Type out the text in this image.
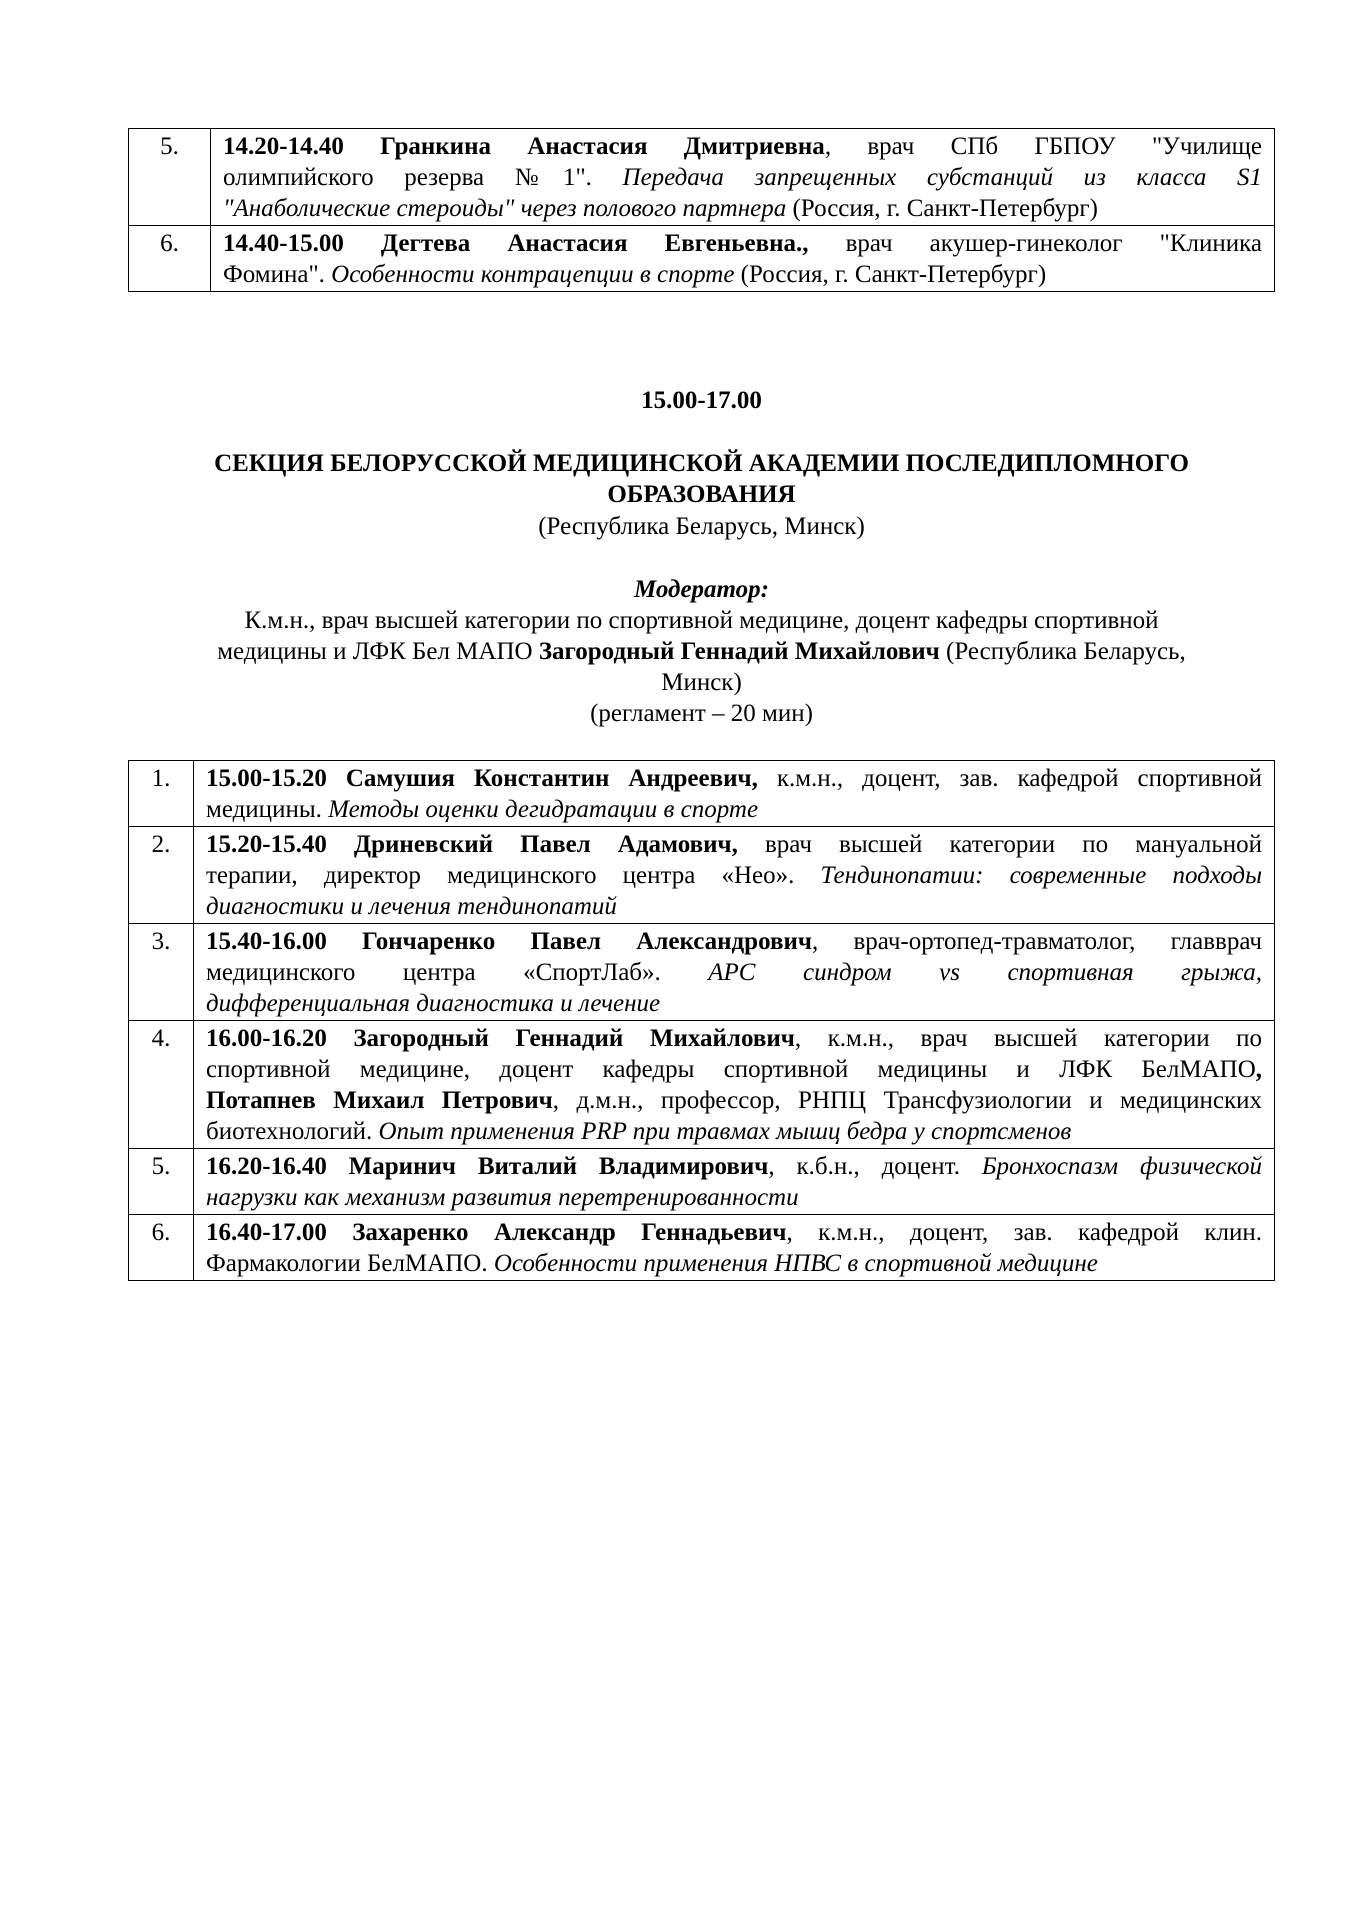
5.	14.20-14.40 Гранкина Анастасия Дмитриевна, врач СПб ГБПОУ "Училище
олимпийского резерва №1". Передача запрещенных субстанций из класса S1
"Анаболические стероиды" через полового партнера (Россия, г. Санкт-Петербург)

6.	14.40-15.00 Дегтева Анастасия Евгеньевна., врач акушер-гинеколог "Клиника
Фомина". Особенности контрацепции в спорте (Россия, г. Санкт-Петербург)
15.00-17.00
СЕКЦИЯ БЕЛОРУССКОЙ МЕДИЦИНСКОЙ АКАДЕМИИ ПОСЛЕДИПЛОМНОГО
ОБРАЗОВАНИЯ
(Республика Беларусь, Минск)
Модератор:
К.м.н., врач высшей категории по спортивной медицине, доцент кафедры спортивной
медицины и ЛФК Бел МАПО Загородный Геннадий Михайлович (Республика Беларусь,
Минск)
(регламент – 20 мин)
1.	15.00-15.20 Самушия Константин Андреевич, к.м.н., доцент, зав. кафедрой спортивной
медицины. Методы оценки дегидратации в спорте

2.	15.20-15.40 Дриневский Павел Адамович, врач высшей категории по мануальной
терапии, директор медицинского центра «Нео». Тендинопатии: современные подходы
диагностики и лечения тендинопатий

3.	15.40-16.00 Гончаренко Павел Александрович, врач-ортопед-травматолог, главврач
медицинского центра «СпортЛаб». APC синдром vs спортивная грыжа,
дифференциальная диагностика и лечение

4.	16.00-16.20 Загородный Геннадий Михайлович, к.м.н., врач высшей категории по
спортивной медицине, доцент кафедры спортивной медицины и ЛФК БелМАПО,
Потапнев Михаил Петрович, д.м.н., профессор, РНПЦ Трансфузиологии и медицинских
биотехнологий. Опыт применения PRP при травмах мышц бедра у спортсменов

5.	16.20-16.40 Маринич Виталий Владимирович, к.б.н., доцент. Бронхоспазм физической
нагрузки как механизм развития перетренированности

6.	16.40-17.00 Захаренко Александр Геннадьевич, к.м.н., доцент, зав. кафедрой клин.
Фармакологии БелМАПО. Особенности применения НПВС в спортивной медицине
